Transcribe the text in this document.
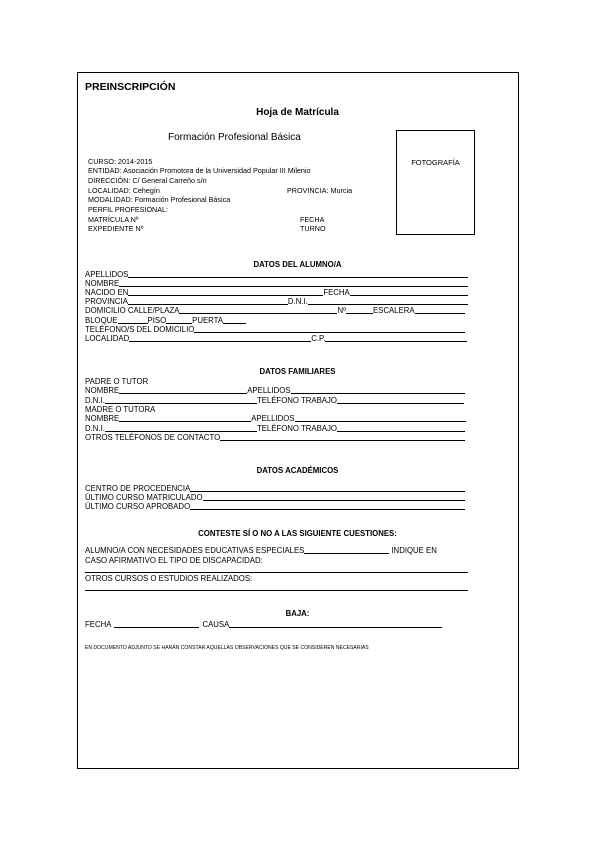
PREINSCRIPCIÓN
Hoja de Matrícula
Formación Profesional Básica
FOTOGRAFÍA
CURSO: 2014-2015
ENTIDAD: Asociación Promotora de la Universidad Popular III Milenio
DIRECCIÓN: C/ General Carreño s/n
LOCALIDAD: Cehegín	PROVINCIA: Murcia
MODALIDAD: Formación Profesional Básica
PERFIL PROFESIONAL:
MATRÍCULA Nº	FECHA
EXPEDIENTE Nº	TURNO
DATOS DEL ALUMNO/A
APELLIDOS
NOMBRE
NACIDO EN	FECHA
PROVINCIA	D.N.I.
DOMICILIO CALLE/PLAZA	Nº	ESCALERA
BLOQUE	PISO	PUERTA
TELÉFONO/S DEL DOMICILIO
LOCALIDAD	C.P.
DATOS FAMILIARES
PADRE O TUTOR
NOMBRE	APELLIDOS
D.N.I.	TELÉFONO TRABAJO
MADRE O TUTORA
NOMBRE	APELLIDOS
D.N.I.	TELÉFONO TRABAJO
OTROS TELÉFONOS DE CONTACTO
DATOS ACADÉMICOS
CENTRO DE PROCEDENCIA
ÚLTIMO CURSO MATRICULADO
ÚLTIMO CURSO APROBADO
CONTESTE SÍ O NO A LAS SIGUIENTE CUESTIONES:
ALUMNO/A CON NECESIDADES EDUCATIVAS ESPECIALES	INDIQUE EN
CASO AFIRMATIVO EL TIPO DE DISCAPACIDAD:
OTROS CURSOS O ESTUDIOS REALIZADOS:
BAJA:
FECHA	CAUSA
EN DOCUMENTO ADJUNTO SE HARÁN CONSTAR AQUELLAS OBSERVACIONES QUE SE CONSIDEREN NECESARIAS
